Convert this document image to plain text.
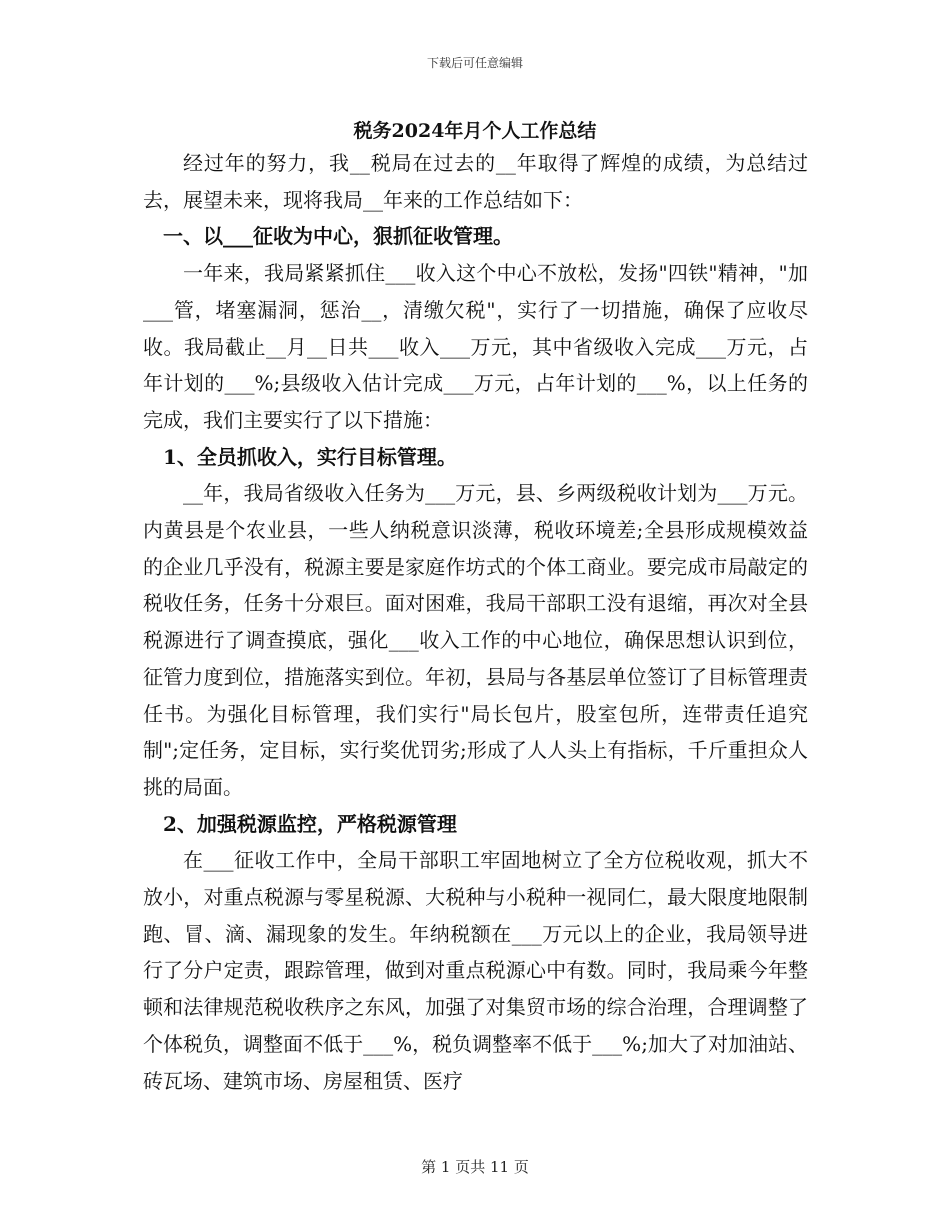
下载后可任意编辑
税务2024年月个人工作总结

经过年的努力，我__税局在过去的__年取得了辉煌的成绩，为总结过去，展望未来，现将我局__年来的工作总结如下：

一、以___征收为中心，狠抓征收管理。

一年来，我局紧紧抓住___收入这个中心不放松，发扬"四铁"精神，"加___管，堵塞漏洞，惩治__，清缴欠税"，实行了一切措施，确保了应收尽收。我局截止__月__日共___收入___万元，其中省级收入完成___万元，占年计划的___%;县级收入估计完成___万元，占年计划的___%，以上任务的完成，我们主要实行了以下措施：

1、全员抓收入，实行目标管理。

__年，我局省级收入任务为___万元，县、乡两级税收计划为___万元。内黄县是个农业县，一些人纳税意识淡薄，税收环境差;全县形成规模效益的企业几乎没有，税源主要是家庭作坊式的个体工商业。要完成市局敲定的税收任务，任务十分艰巨。面对困难，我局干部职工没有退缩，再次对全县税源进行了调查摸底，强化___收入工作的中心地位，确保思想认识到位，征管力度到位，措施落实到位。年初，县局与各基层单位签订了目标管理责任书。为强化目标管理，我们实行"局长包片，股室包所，连带责任追究制";定任务，定目标，实行奖优罚劣;形成了人人头上有指标，千斤重担众人挑的局面。

2、加强税源监控，严格税源管理

在___征收工作中，全局干部职工牢固地树立了全方位税收观，抓大不放小，对重点税源与零星税源、大税种与小税种一视同仁，最大限度地限制跑、冒、滴、漏现象的发生。年纳税额在___万元以上的企业，我局领导进行了分户定责，跟踪管理，做到对重点税源心中有数。同时，我局乘今年整顿和法律规范税收秩序之东风，加强了对集贸市场的综合治理，合理调整了个体税负，调整面不低于___%，税负调整率不低于___%;加大了对加油站、砖瓦场、建筑市场、房屋租赁、医疗

第 1 页共 11 页
